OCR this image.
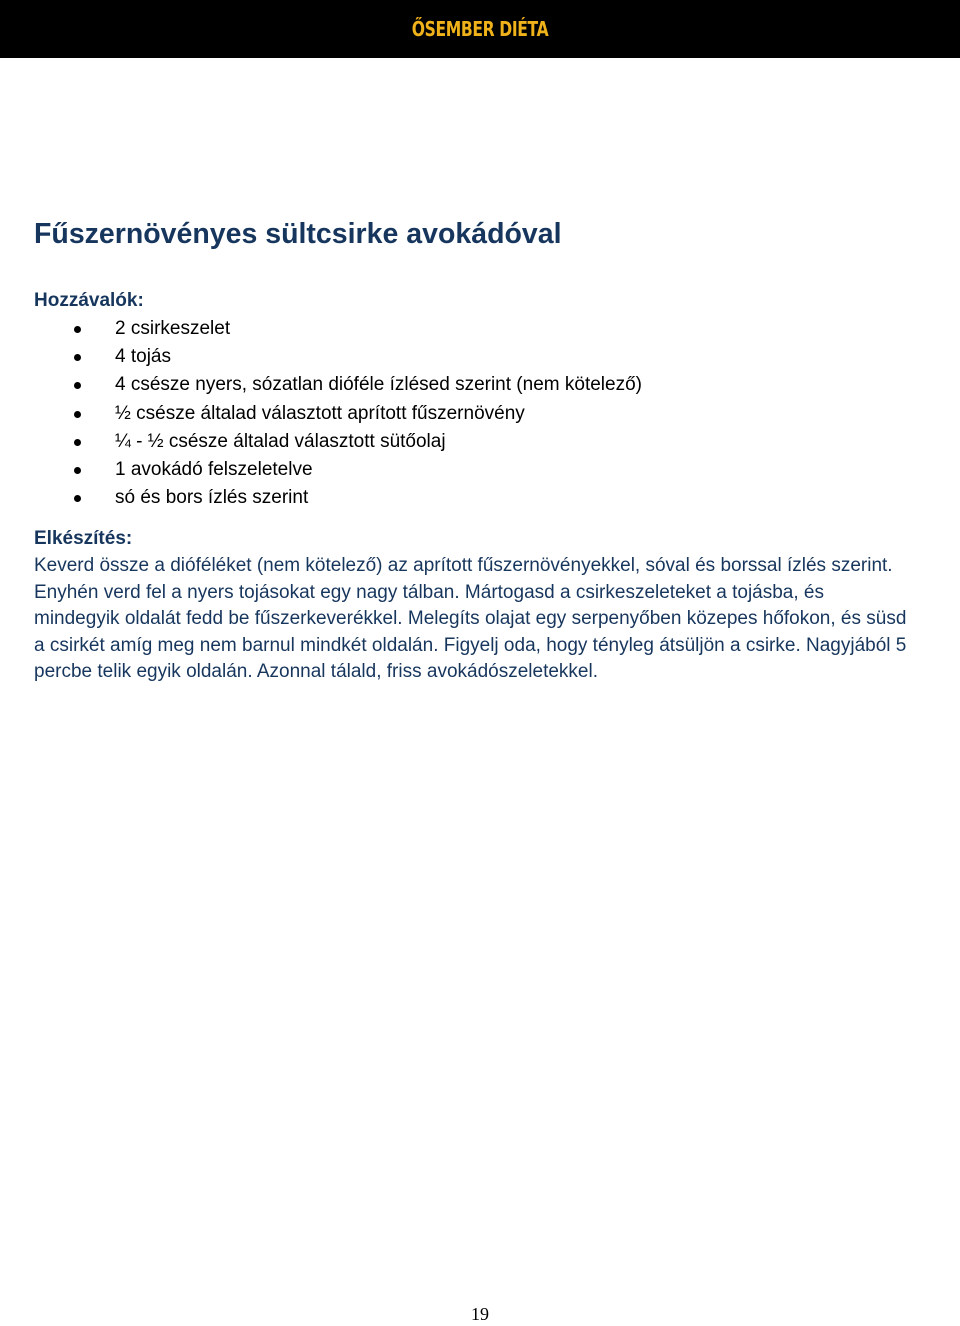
ŐSEMBER DIÉTA
Fűszernövényes sültcsirke avokádóval
Hozzávalók:
2 csirkeszelet
4 tojás
4 csésze nyers, sózatlan dióféle ízlésed szerint (nem kötelező)
½ csésze általad választott aprított fűszernövény
¼ - ½ csésze általad választott sütőolaj
1 avokádó felszeletelve
só és bors ízlés szerint
Elkészítés:

Keverd össze a dióféléket (nem kötelező) az aprított fűszernövényekkel, sóval és borssal ízlés szerint. Enyhén verd fel a nyers tojásokat egy nagy tálban. Mártogasd a csirkeszeleteket a tojásba, és mindegyik oldalát fedd be fűszerkeverékkel. Melegíts olajat egy serpenyőben közepes hőfokon, és süsd a csirkét amíg meg nem barnul mindkét oldalán. Figyelj oda, hogy tényleg átsüljön a csirke. Nagyjából 5 percbe telik egyik oldalán. Azonnal tálald, friss avokádószeletekkel.

19
